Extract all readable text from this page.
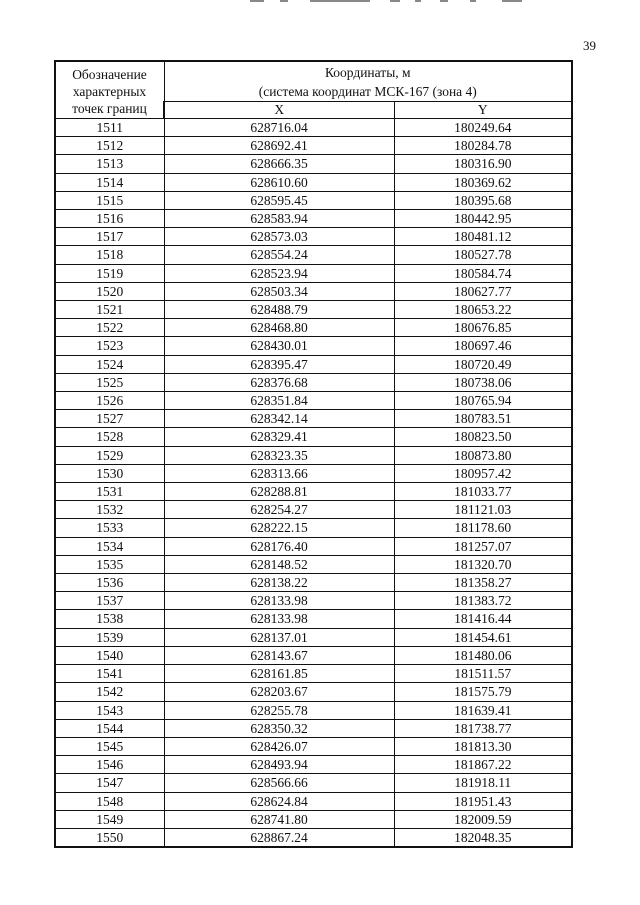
39
Обозначение
характерных
точек границ	Координаты, м
(система координат МСК-167 (зона 4)	

	X	Y
1511	628716.04	180249.64
1512	628692.41	180284.78
1513	628666.35	180316.90
1514	628610.60	180369.62
1515	628595.45	180395.68
1516	628583.94	180442.95
1517	628573.03	180481.12
1518	628554.24	180527.78
1519	628523.94	180584.74
1520	628503.34	180627.77
1521	628488.79	180653.22
1522	628468.80	180676.85
1523	628430.01	180697.46
1524	628395.47	180720.49
1525	628376.68	180738.06
1526	628351.84	180765.94
1527	628342.14	180783.51
1528	628329.41	180823.50
1529	628323.35	180873.80
1530	628313.66	180957.42
1531	628288.81	181033.77
1532	628254.27	181121.03
1533	628222.15	181178.60
1534	628176.40	181257.07
1535	628148.52	181320.70
1536	628138.22	181358.27
1537	628133.98	181383.72
1538	628133.98	181416.44
1539	628137.01	181454.61
1540	628143.67	181480.06
1541	628161.85	181511.57
1542	628203.67	181575.79
1543	628255.78	181639.41
1544	628350.32	181738.77
1545	628426.07	181813.30
1546	628493.94	181867.22
1547	628566.66	181918.11
1548	628624.84	181951.43
1549	628741.80	182009.59
1550	628867.24	182048.35
